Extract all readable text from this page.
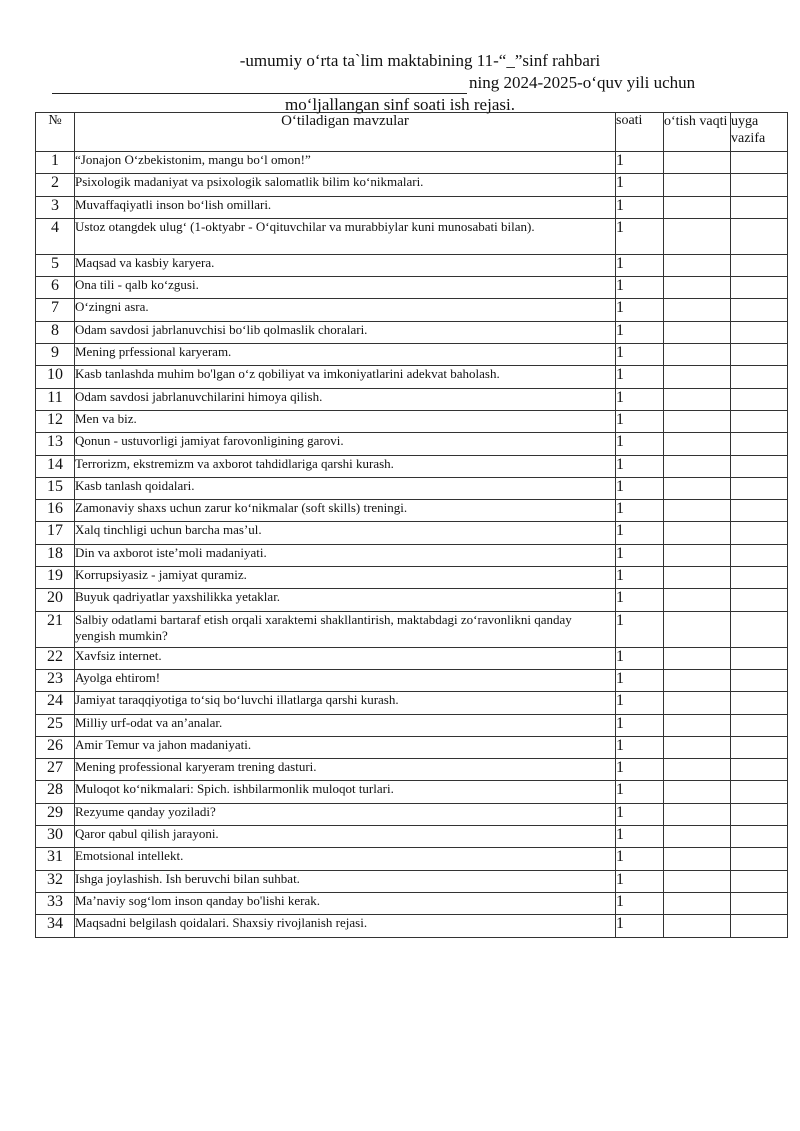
-umumiy o‘rta ta`lim maktabining 11-“_”sinf rahbari
ning 2024-2025-o‘quv yili uchun
mo‘ljallangan sinf soati ish rejasi.
№	O‘tiladigan mavzular	soati	o‘tish vaqti	uyga vazifa
1	“Jonajon O‘zbekistonim, mangu bo‘l omon!”	1		
2	Psixologik madaniyat va psixologik salomatlik bilim ko‘nikmalari.	1		
3	Muvaffaqiyatli inson bo‘lish omillari.	1		
4	Ustoz otangdek ulug‘ (1-oktyabr - O‘qituvchilar va murabbiylar kuni munosabati bilan).	1		
5	Maqsad va kasbiy karyera.	1		
6	Ona tili - qalb ko‘zgusi.	1		
7	O‘zingni asra.	1		
8	Odam savdosi jabrlanuvchisi bo‘lib qolmaslik choralari.	1		
9	Mening prfessional karyeram.	1		
10	Kasb tanlashda muhim bo'lgan o‘z qobiliyat va imkoniyatlarini adekvat baholash.	1		
11	Odam savdosi jabrlanuvchilarini himoya qilish.	1		
12	Men va biz.	1		
13	Qonun - ustuvorligi jamiyat farovonligining garovi.	1		
14	Terrorizm, ekstremizm va axborot tahdidlariga qarshi kurash.	1		
15	Kasb tanlash qoidalari.	1		
16	Zamonaviy shaxs uchun zarur ko‘nikmalar (soft skills) treningi.	1		
17	Xalq tinchligi uchun barcha mas’ul.	1		
18	Din va axborot iste’moli madaniyati.	1		
19	Korrupsiyasiz - jamiyat quramiz.	1		
20	Buyuk qadriyatlar yaxshilikka yetaklar.	1		
21	Salbiy odatlami bartaraf etish orqali xaraktemi shakllantirish, maktabdagi zo‘ravonlikni qanday yengish mumkin?	1		
22	Xavfsiz internet.	1		
23	Ayolga ehtirom!	1		
24	Jamiyat taraqqiyotiga to‘siq bo‘luvchi illatlarga qarshi kurash.	1		
25	Milliy urf-odat va an’analar.	1		
26	Amir Temur va jahon madaniyati.	1		
27	Mening professional karyeram trening dasturi.	1		
28	Muloqot ko‘nikmalari: Spich. ishbilarmonlik muloqot turlari.	1		
29	Rezyume qanday yoziladi?	1		
30	Qaror qabul qilish jarayoni.	1		
31	Emotsional intellekt.	1		
32	Ishga joylashish. Ish beruvchi bilan suhbat.	1		
33	Ma’naviy sog‘lom inson qanday bo'lishi kerak.	1		
34	Maqsadni belgilash qoidalari. Shaxsiy rivojlanish rejasi.	1		
